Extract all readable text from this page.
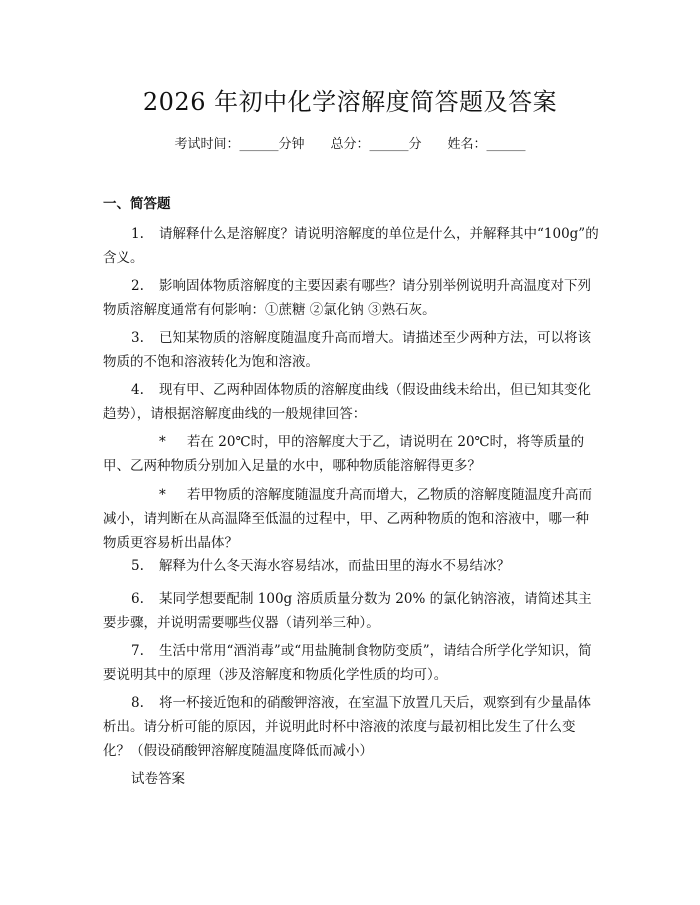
2026 年初中化学溶解度简答题及答案
考试时间：______分钟　　总分：______分　　姓名：______
一、简答题
1. 请解释什么是溶解度？请说明溶解度的单位是什么，并解释其中“100g”的含义。
2. 影响固体物质溶解度的主要因素有哪些？请分别举例说明升高温度对下列物质溶解度通常有何影响：①蔗糖 ②氯化钠 ③熟石灰。
3. 已知某物质的溶解度随温度升高而增大。请描述至少两种方法，可以将该物质的不饱和溶液转化为饱和溶液。
4. 现有甲、乙两种固体物质的溶解度曲线（假设曲线未给出，但已知其变化趋势），请根据溶解度曲线的一般规律回答：
* 若在 20℃时，甲的溶解度大于乙，请说明在 20℃时，将等质量的甲、乙两种物质分别加入足量的水中，哪种物质能溶解得更多？
* 若甲物质的溶解度随温度升高而增大，乙物质的溶解度随温度升高而减小，请判断在从高温降至低温的过程中，甲、乙两种物质的饱和溶液中，哪一种物质更容易析出晶体？
5. 解释为什么冬天海水容易结冰，而盐田里的海水不易结冰？
6. 某同学想要配制 100g 溶质质量分数为 20% 的氯化钠溶液，请简述其主要步骤，并说明需要哪些仪器（请列举三种）。
7. 生活中常用“酒消毒”或“用盐腌制食物防变质”，请结合所学化学知识，简要说明其中的原理（涉及溶解度和物质化学性质的均可）。
8. 将一杯接近饱和的硝酸钾溶液，在室温下放置几天后，观察到有少量晶体析出。请分析可能的原因，并说明此时杯中溶液的浓度与最初相比发生了什么变化？（假设硝酸钾溶解度随温度降低而减小）
试卷答案
